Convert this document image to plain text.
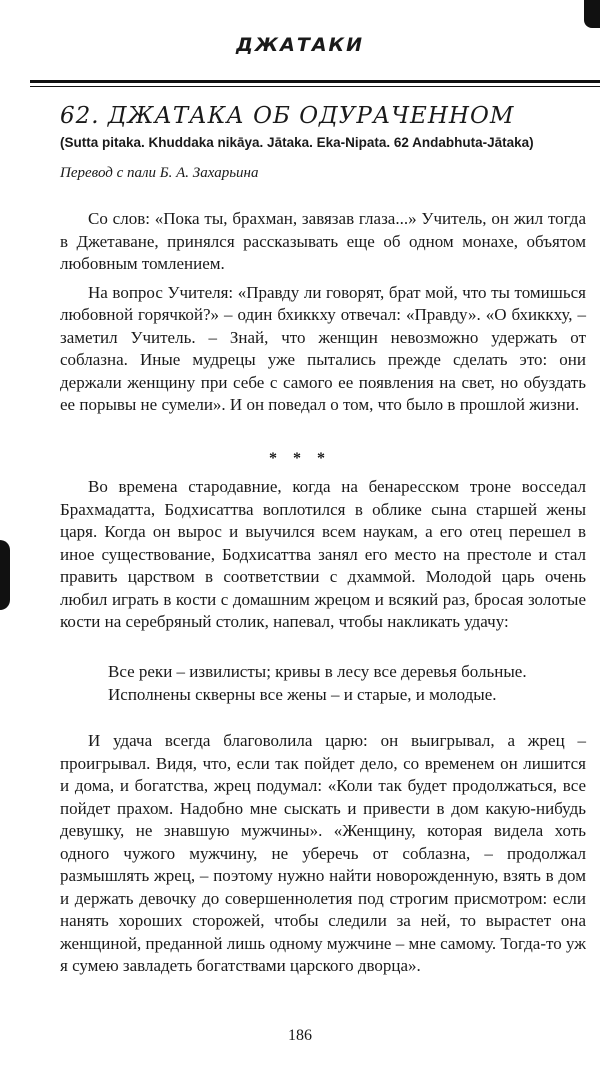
ДЖАТАКИ
62. ДЖАТАКА ОБ ОДУРАЧЕННОМ
(Sutta pitaka. Khuddaka nikāya. Jātaka. Eka-Nipata. 62 Andabhuta-Jātaka)
Перевод с пали Б. А. Захарьина

Со слов: «Пока ты, брахман, завязав глаза...» Учитель, он жил тогда в Джетаване, принялся рассказывать еще об одном монахе, объятом любовным томлением.

На вопрос Учителя: «Правду ли говорят, брат мой, что ты томишься любовной горячкой?» – один бхиккху отвечал: «Правду». «О бхиккху, – заметил Учитель. – Знай, что женщин невозможно удержать от соблазна. Иные мудрецы уже пытались прежде сделать это: они держали женщину при себе с самого ее появления на свет, но обуздать ее порывы не сумели». И он поведал о том, что было в прошлой жизни.

* * *

Во времена стародавние, когда на бенаресском троне восседал Брахмадатта, Бодхисаттва воплотился в облике сына старшей жены царя. Когда он вырос и выучился всем наукам, а его отец перешел в иное существование, Бодхисаттва занял его место на престоле и стал править царством в соответствии с дхаммой. Молодой царь очень любил играть в кости с домашним жрецом и всякий раз, бросая золотые кости на серебряный столик, напевал, чтобы накликать удачу:

Все реки – извилисты; кривы в лесу все деревья больные.
Исполнены скверны все жены – и старые, и молодые.

И удача всегда благоволила царю: он выигрывал, а жрец – проигрывал. Видя, что, если так пойдет дело, со временем он лишится и дома, и богатства, жрец подумал: «Коли так будет продолжаться, все пойдет прахом. Надобно мне сыскать и привести в дом какую-нибудь девушку, не знавшую мужчины». «Женщину, которая видела хоть одного чужого мужчину, не уберечь от соблазна, – продолжал размышлять жрец, – поэтому нужно найти новорожденную, взять в дом и держать девочку до совершеннолетия под строгим присмотром: если нанять хороших сторожей, чтобы следили за ней, то вырастет она женщиной, преданной лишь одному мужчине – мне самому. Тогда-то уж я сумею завладеть богатствами царского дворца».

186
